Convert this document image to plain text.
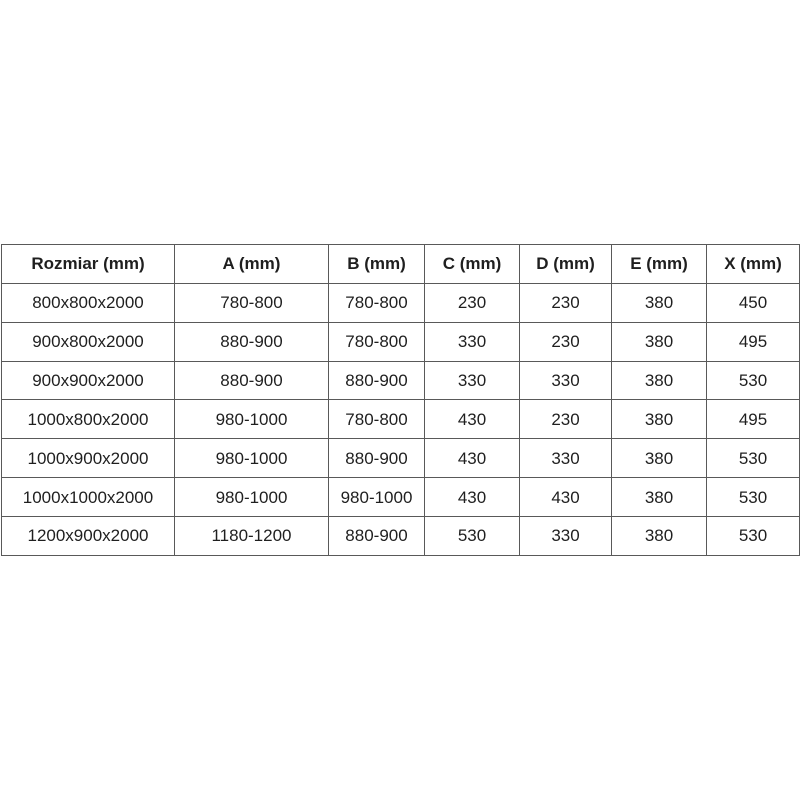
Rozmiar (mm)	A (mm)	B (mm)	C (mm)	D (mm)	E (mm)	X (mm)
800x800x2000	780-800	780-800	230	230	380	450
900x800x2000	880-900	780-800	330	230	380	495
900x900x2000	880-900	880-900	330	330	380	530
1000x800x2000	980-1000	780-800	430	230	380	495
1000x900x2000	980-1000	880-900	430	330	380	530
1000x1000x2000	980-1000	980-1000	430	430	380	530
1200x900x2000	1180-1200	880-900	530	330	380	530
